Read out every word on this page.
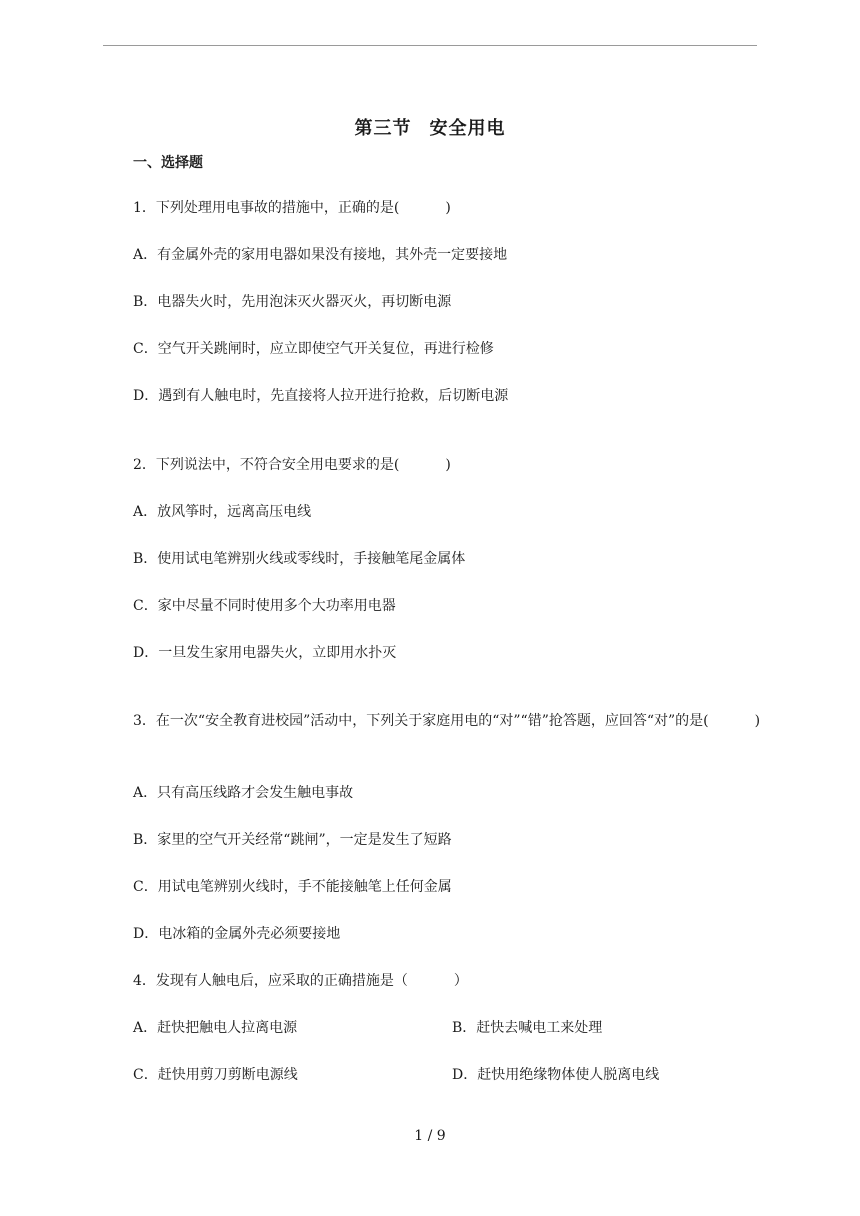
第三节 安全用电
一、选择题
1．下列处理用电事故的措施中，正确的是(	)
A．有金属外壳的家用电器如果没有接地，其外壳一定要接地
B．电器失火时，先用泡沫灭火器灭火，再切断电源
C．空气开关跳闸时，应立即使空气开关复位，再进行检修
D．遇到有人触电时，先直接将人拉开进行抢救，后切断电源
2．下列说法中，不符合安全用电要求的是(	)
A．放风筝时，远离高压电线
B．使用试电笔辨别火线或零线时，手接触笔尾金属体
C．家中尽量不同时使用多个大功率用电器
D．一旦发生家用电器失火，立即用水扑灭
3．在一次“安全教育进校园”活动中，下列关于家庭用电的“对”“错”抢答题，应回答“对”的是(	)
A．只有高压线路才会发生触电事故
B．家里的空气开关经常“跳闸”，一定是发生了短路
C．用试电笔辨别火线时，手不能接触笔上任何金属
D．电冰箱的金属外壳必须要接地
4．发现有人触电后，应采取的正确措施是（	）
A．赶快把触电人拉离电源	B．赶快去喊电工来处理
C．赶快用剪刀剪断电源线	D．赶快用绝缘物体使人脱离电线
1 / 9
